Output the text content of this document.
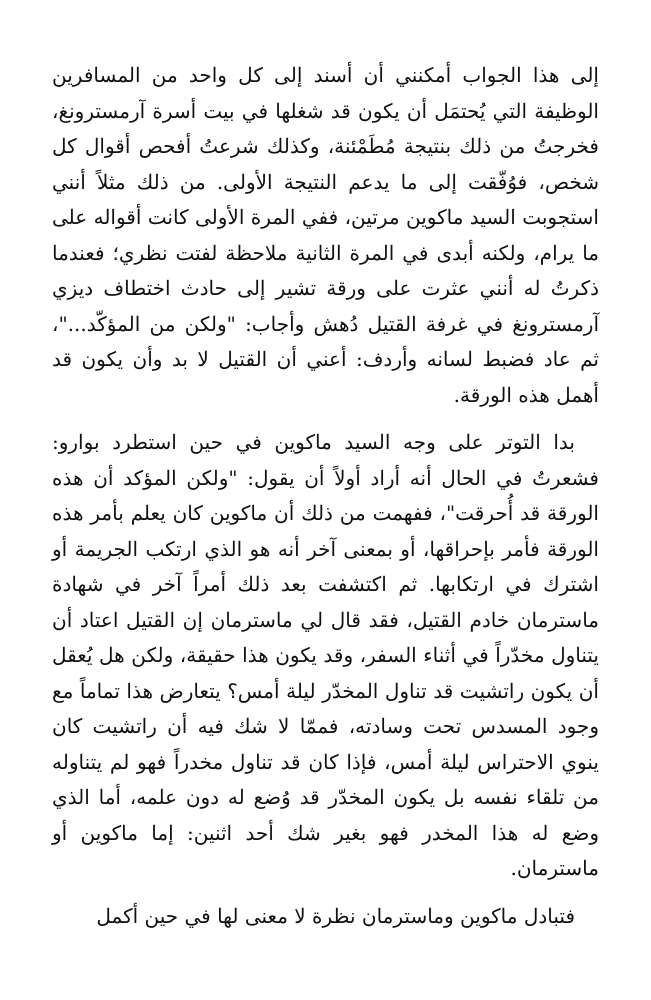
إلى هذا الجواب أمكنني أن أسند إلى كل واحد من المسافرين الوظيفة التي يُحتمَل أن يكون قد شغلها في بيت أسرة آرمسترونغ، فخرجتُ من ذلك بنتيجة مُطَمْئنة، وكذلك شرعتُ أفحص أقوال كل شخص، فوُفّقت إلى ما يدعم النتيجة الأولى. من ذلك مثلاً أنني استجوبت السيد ماكوين مرتين، ففي المرة الأولى كانت أقواله على ما يرام، ولكنه أبدى في المرة الثانية ملاحظة لفتت نظري؛ فعندما ذكرتُ له أنني عثرت على ورقة تشير إلى حادث اختطاف ديزي آرمسترونغ في غرفة القتيل دُهش وأجاب: "ولكن من المؤكّد..."، ثم عاد فضبط لسانه وأردف: أعني أن القتيل لا بد وأن يكون قد أهمل هذه الورقة.

بدا التوتر على وجه السيد ماكوين في حين استطرد بوارو: فشعرتُ في الحال أنه أراد أولاً أن يقول: "ولكن المؤكد أن هذه الورقة قد أُحرقت"، ففهمت من ذلك أن ماكوين كان يعلم بأمر هذه الورقة فأمر بإحراقها، أو بمعنى آخر أنه هو الذي ارتكب الجريمة أو اشترك في ارتكابها. ثم اكتشفت بعد ذلك أمراً آخر في شهادة ماسترمان خادم القتيل، فقد قال لي ماسترمان إن القتيل اعتاد أن يتناول مخدّراً في أثناء السفر، وقد يكون هذا حقيقة، ولكن هل يُعقل أن يكون راتشيت قد تناول المخدّر ليلة أمس؟ يتعارض هذا تماماً مع وجود المسدس تحت وسادته، فممّا لا شك فيه أن راتشيت كان ينوي الاحتراس ليلة أمس، فإذا كان قد تناول مخدراً فهو لم يتناوله من تلقاء نفسه بل يكون المخدّر قد وُضع له دون علمه، أما الذي وضع له هذا المخدر فهو بغير شك أحد اثنين: إما ماكوين أو ماسترمان.

فتبادل ماكوين وماسترمان نظرة لا معنى لها في حين أكمل
